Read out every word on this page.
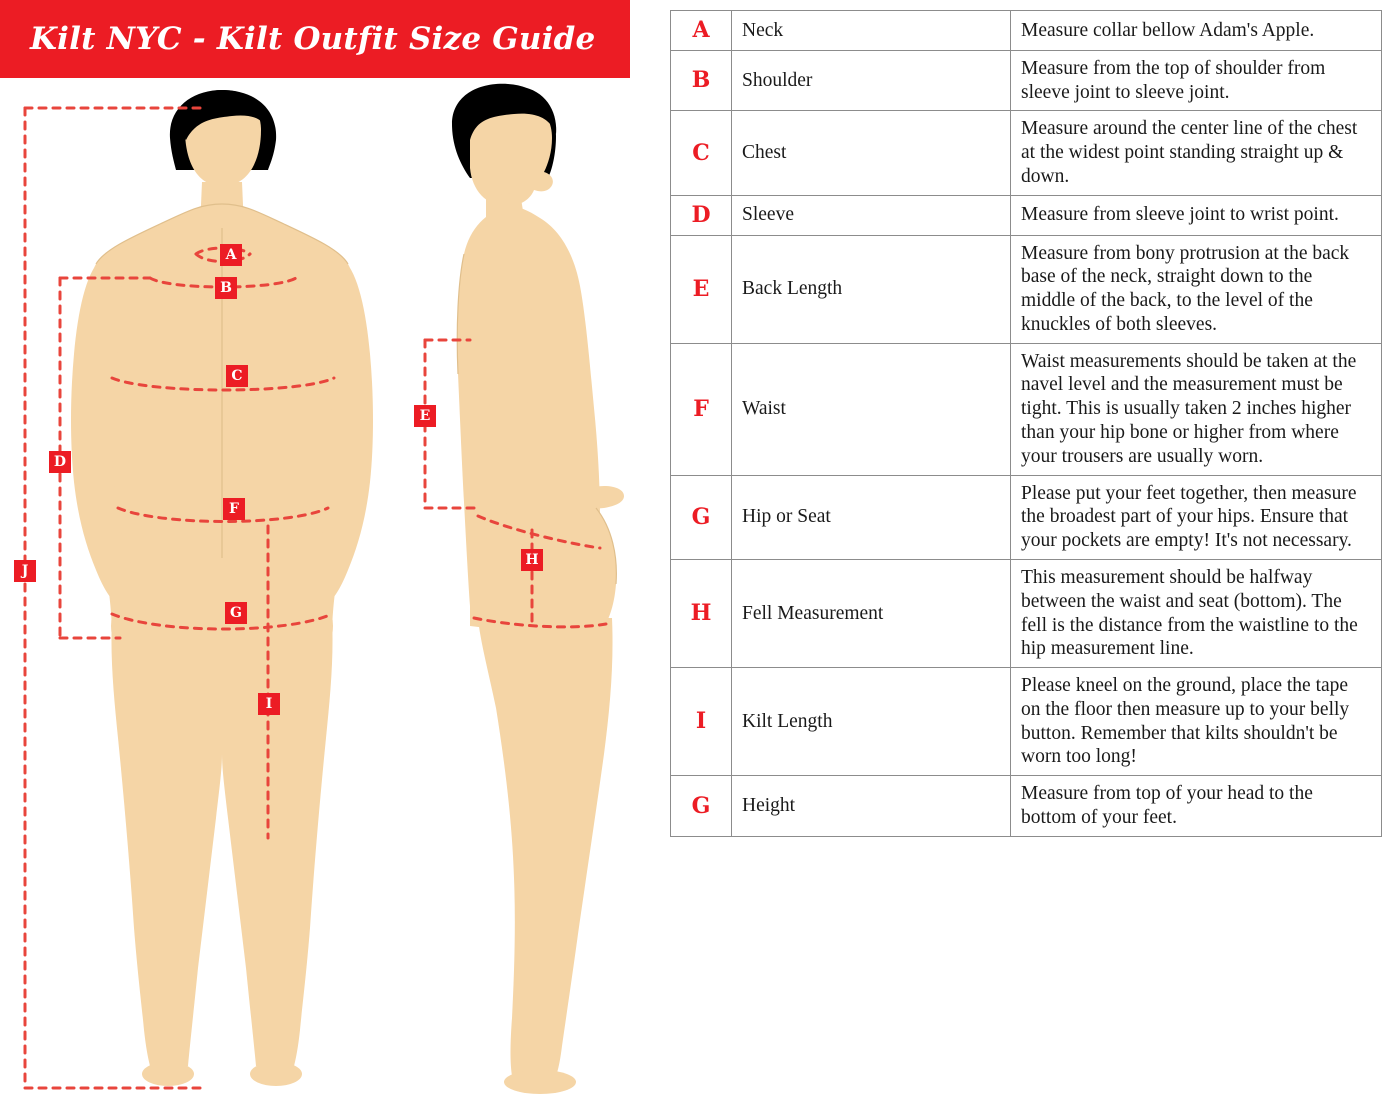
Kilt NYC - Kilt Outfit Size Guide
A
B
C
D
E
F
G
H
I
J
A	Neck	Measure collar bellow Adam's Apple.
B	Shoulder	Measure from the top of shoulder from sleeve joint to sleeve joint.
C	Chest	Measure around the center line of the chest at the widest point standing straight up & down.
D	Sleeve	Measure from sleeve joint to wrist point.
E	Back Length	Measure from bony protrusion at the back base of the neck, straight down to the middle of the back, to the level of the knuckles of both sleeves.
F	Waist	Waist measurements should be taken at the navel level and the measurement must be tight. This is usually taken 2 inches higher than your hip bone or higher from where your trousers are usually worn.
G	Hip or Seat	Please put your feet together, then measure the broadest part of your hips. Ensure that your pockets are empty! It's not necessary.
H	Fell Measurement	This measurement should be halfway between the waist and seat (bottom). The fell is the distance from the waistline to the hip measurement line.
I	Kilt Length	Please kneel on the ground, place the tape on the floor then measure up to your belly button. Remember that kilts shouldn't be worn too long!
G	Height	Measure from top of your head to the bottom of your feet.
